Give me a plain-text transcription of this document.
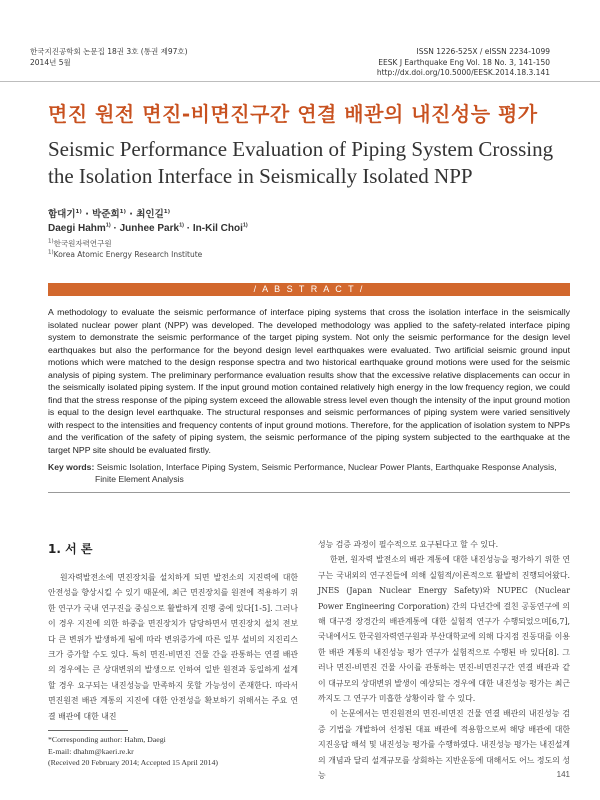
한국지진공학회 논문집 18권 3호 (통권 제97호)
2014년 5월
ISSN 1226-525X / eISSN 2234-1099
EESK J Earthquake Eng Vol. 18 No. 3, 141-150
http://dx.doi.org/10.5000/EESK.2014.18.3.141
면진 원전 면진-비면진구간 연결 배관의 내진성능 평가
Seismic Performance Evaluation of Piping System Crossing the Isolation Interface in Seismically Isolated NPP
함대기$^{1)}$ · 박준희$^{1)}$ · 최인길$^{1)}$
Daegi Hahm$^{1)}$ · Junhee Park$^{1)}$ · In-Kil Choi$^{1)}$
$^{1)}$한국원자력연구원
$^{1)}$Korea Atomic Energy Research Institute
/ A B S T R A C T /
A methodology to evaluate the seismic performance of interface piping systems that cross the isolation interface in the seismically isolated nuclear power plant (NPP) was developed. The developed methodology was applied to the safety-related interface piping system to demonstrate the seismic performance of the target piping system. Not only the seismic performance for the design level earthquakes but also the performance for the beyond design level earthquakes were evaluated. Two artificial seismic ground input motions which were matched to the design response spectra and two historical earthquake ground motions were used for the seismic analysis of piping system. The preliminary performance evaluation results show that the excessive relative displacements can occur in the seismically isolated piping system. If the input ground motion contained relatively high energy in the low frequency region, we could find that the stress response of the piping system exceed the allowable stress level even though the intensity of the input ground motion is equal to the design level earthquake. The structural responses and seismic performances of piping system were varied sensitively with respect to the intensities and frequency contents of input ground motions. Therefore, for the application of isolation system to NPPs and the verification of the safety of piping system, the seismic performance of the piping system subjected to the earthquake at the target NPP site should be evaluated firstly.
Key words: Seismic Isolation, Interface Piping System, Seismic Performance, Nuclear Power Plants, Earthquake Response Analysis,
Finite Element Analysis
1. 서 론
원자력발전소에 면진장치를 설치하게 되면 발전소의 지진력에 대한 안전성을 향상시킬 수 있기 때문에, 최근 면진장치를 원전에 적용하기 위한 연구가 국내 연구진을 중심으로 활발하게 진행 중에 있다[1-5]. 그러나 이 경우 지진에 의한 하중을 면진장치가 담당하면서 면진장치 설치 전보다 큰 변위가 발생하게 됨에 따라 변위증가에 따른 일부 설비의 지진리스크가 증가할 수도 있다. 특히 면진-비면진 건물 간을 관통하는 연결 배관의 경우에는 큰 상대변위의 발생으로 인하여 일반 원전과 동일하게 설계할 경우 요구되는 내진성능을 만족하지 못할 가능성이 존재한다. 따라서 면진원전 배관 계통의 지진에 대한 안전성을 확보하기 위해서는 주요 연결 배관에 대한 내진

성능 검증 과정이 필수적으로 요구된다고 할 수 있다.

한편, 원자력 발전소의 배관 계통에 대한 내진성능을 평가하기 위한 연구는 국내외의 연구진들에 의해 실험적/이론적으로 활발히 진행되어왔다. JNES (Japan Nuclear Energy Safety)와 NUPEC (Nuclear Power Engineering Corporation) 간의 다년간에 걸친 공동연구에 의해 대구경 장경간의 배관계통에 대한 실험적 연구가 수행되었으며[6,7], 국내에서도 한국원자력연구원과 부산대학교에 의해 다지점 진동대를 이용한 배관 계통의 내진성능 평가 연구가 실험적으로 수행된 바 있다[8]. 그러나 면진-비면진 건물 사이를 관통하는 면진-비면진구간 연결 배관과 같이 대규모의 상대변위 발생이 예상되는 경우에 대한 내진성능 평가는 최근까지도 그 연구가 미흡한 상황이라 할 수 있다.

이 논문에서는 면진원전의 면진-비면진 건물 연결 배관의 내진성능 검증 기법을 개발하여 선정된 대표 배관에 적용함으로써 해당 배관에 대한 지진응답 해석 및 내진성능 평가를 수행하였다. 내진성능 평가는 내진설계의 개념과 달리 설계규모를 상회하는 지반운동에 대해서도 어느 정도의 성능

*Corresponding author: Hahm, Daegi
E-mail: dhahm@kaeri.re.kr
(Received 20 February 2014; Accepted 15 April 2014)
141
